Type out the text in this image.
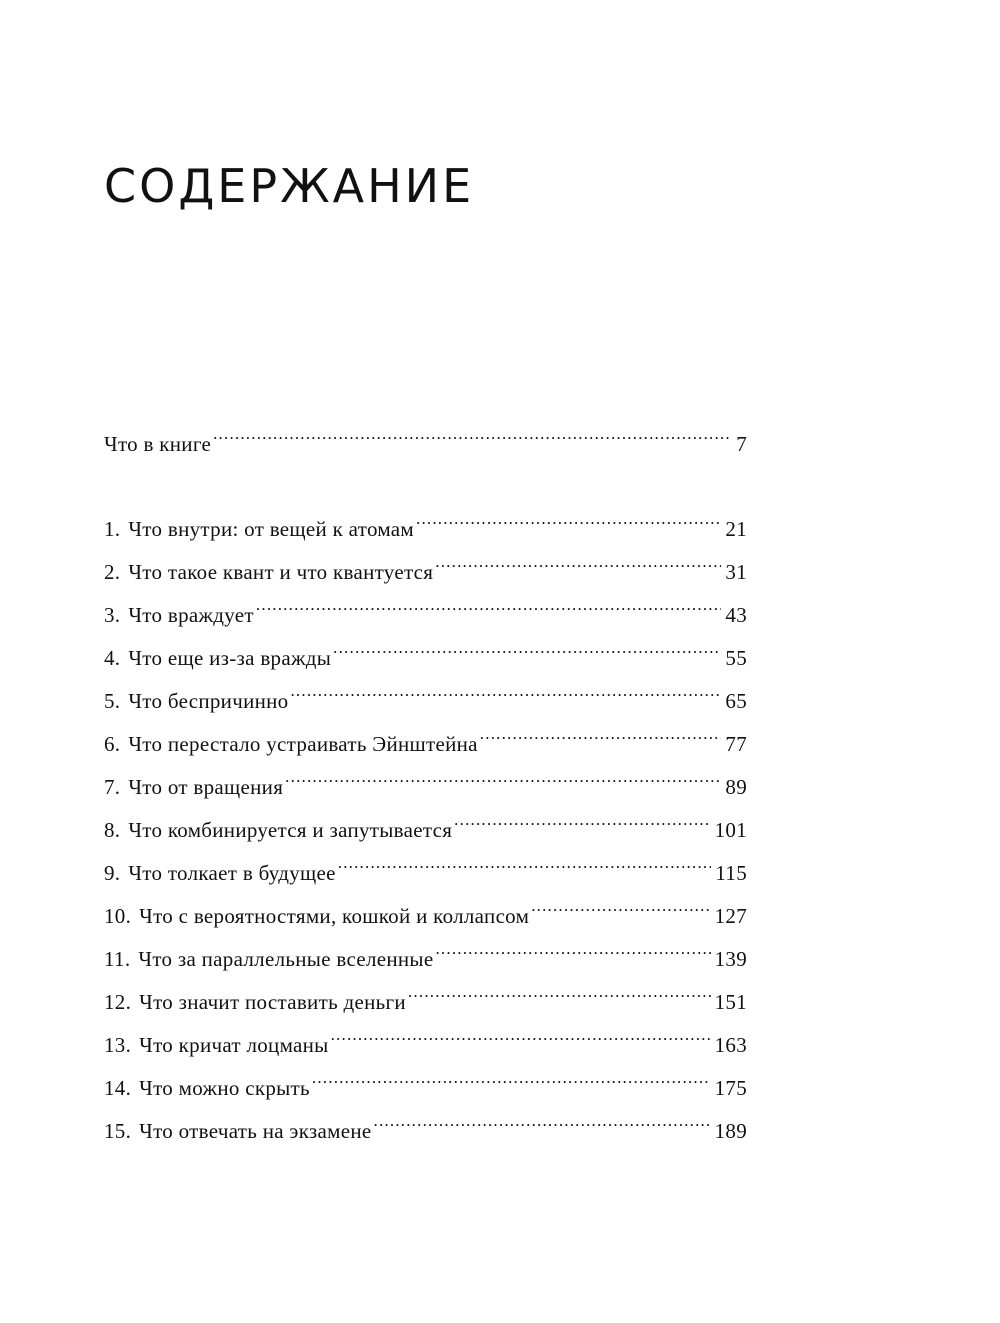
СОДЕРЖАНИЕ
Что в книге .....	7
1. Что внутри: от вещей к атомам .....	21
2. Что такое квант и что квантуется .....	31
3. Что враждует .....	43
4. Что еще из-за вражды .....	55
5. Что беспричинно .....	65
6. Что перестало устраивать Эйнштейна .....	77
7. Что от вращения .....	89
8. Что комбинируется и запутывается .....	101
9. Что толкает в будущее .....	115
10. Что с вероятностями, кошкой и коллапсом .....	127
11. Что за параллельные вселенные .....	139
12. Что значит поставить деньги .....	151
13. Что кричат лоцманы .....	163
14. Что можно скрыть .....	175
15. Что отвечать на экзамене .....	189
